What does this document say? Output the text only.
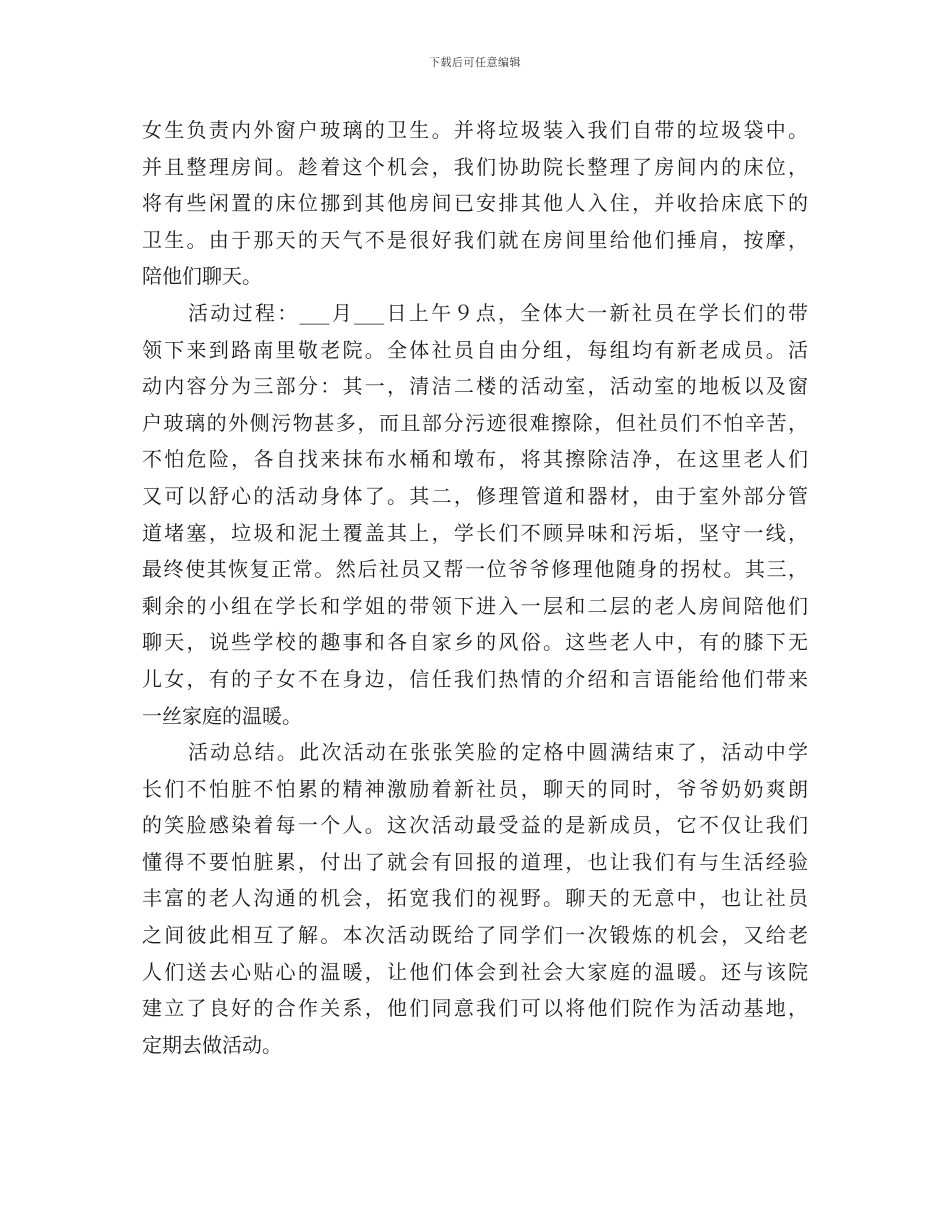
下载后可任意编辑
女生负责内外窗户玻璃的卫生。并将垃圾装入我们自带的垃圾袋中。
并且整理房间。趁着这个机会，我们协助院长整理了房间内的床位，
将有些闲置的床位挪到其他房间已安排其他人入住，并收拾床底下的
卫生。由于那天的天气不是很好我们就在房间里给他们捶肩，按摩，
陪他们聊天。
活动过程：___月___日上午９点，全体大一新社员在学长们的带
领下来到路南里敬老院。全体社员自由分组，每组均有新老成员。活
动内容分为三部分：其一，清洁二楼的活动室，活动室的地板以及窗
户玻璃的外侧污物甚多，而且部分污迹很难擦除，但社员们不怕辛苦，
不怕危险，各自找来抹布水桶和墩布，将其擦除洁净，在这里老人们
又可以舒心的活动身体了。其二，修理管道和器材，由于室外部分管
道堵塞，垃圾和泥土覆盖其上，学长们不顾异味和污垢，坚守一线，
最终使其恢复正常。然后社员又帮一位爷爷修理他随身的拐杖。其三，
剩余的小组在学长和学姐的带领下进入一层和二层的老人房间陪他们
聊天，说些学校的趣事和各自家乡的风俗。这些老人中，有的膝下无
儿女，有的子女不在身边，信任我们热情的介绍和言语能给他们带来
一丝家庭的温暖。
活动总结。此次活动在张张笑脸的定格中圆满结束了，活动中学
长们不怕脏不怕累的精神激励着新社员，聊天的同时，爷爷奶奶爽朗
的笑脸感染着每一个人。这次活动最受益的是新成员，它不仅让我们
懂得不要怕脏累，付出了就会有回报的道理，也让我们有与生活经验
丰富的老人沟通的机会，拓宽我们的视野。聊天的无意中，也让社员
之间彼此相互了解。本次活动既给了同学们一次锻炼的机会，又给老
人们送去心贴心的温暖，让他们体会到社会大家庭的温暖。还与该院
建立了良好的合作关系，他们同意我们可以将他们院作为活动基地，
定期去做活动。
